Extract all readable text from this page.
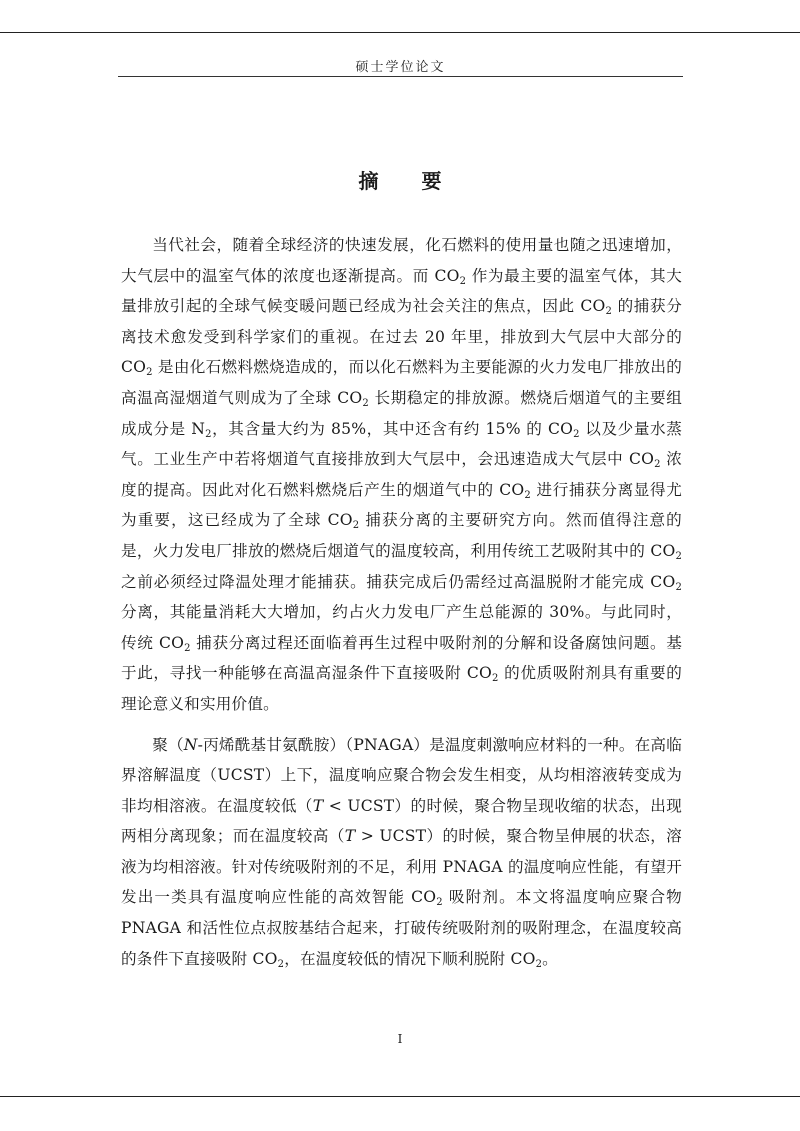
硕士学位论文
摘 要

当代社会，随着全球经济的快速发展，化石燃料的使用量也随之迅速增加，大气层中的温室气体的浓度也逐渐提高。而 $CO_2$ 作为最主要的温室气体，其大量排放引起的全球气候变暖问题已经成为社会关注的焦点，因此 $CO_2$ 的捕获分离技术愈发受到科学家们的重视。在过去 20 年里，排放到大气层中大部分的 $CO_2$ 是由化石燃料燃烧造成的，而以化石燃料为主要能源的火力发电厂排放出的高温高湿烟道气则成为了全球 $CO_2$ 长期稳定的排放源。燃烧后烟道气的主要组成成分是 $N_2$，其含量大约为 85%，其中还含有约 15% 的 $CO_2$ 以及少量水蒸气。工业生产中若将烟道气直接排放到大气层中，会迅速造成大气层中 $CO_2$ 浓度的提高。因此对化石燃料燃烧后产生的烟道气中的 $CO_2$ 进行捕获分离显得尤为重要，这已经成为了全球 $CO_2$ 捕获分离的主要研究方向。然而值得注意的是，火力发电厂排放的燃烧后烟道气的温度较高，利用传统工艺吸附其中的 $CO_2$ 之前必须经过降温处理才能捕获。捕获完成后仍需经过高温脱附才能完成 $CO_2$ 分离，其能量消耗大大增加，约占火力发电厂产生总能源的 30%。与此同时，传统 $CO_2$ 捕获分离过程还面临着再生过程中吸附剂的分解和设备腐蚀问题。基于此，寻找一种能够在高温高湿条件下直接吸附 $CO_2$ 的优质吸附剂具有重要的理论意义和实用价值。

聚（N-丙烯酰基甘氨酰胺）（PNAGA）是温度刺激响应材料的一种。在高临界溶解温度（UCST）上下，温度响应聚合物会发生相变，从均相溶液转变成为非均相溶液。在温度较低（T < UCST）的时候，聚合物呈现收缩的状态，出现两相分离现象；而在温度较高（T > UCST）的时候，聚合物呈伸展的状态，溶液为均相溶液。针对传统吸附剂的不足，利用 PNAGA 的温度响应性能，有望开发出一类具有温度响应性能的高效智能 $CO_2$ 吸附剂。本文将温度响应聚合物 PNAGA 和活性位点叔胺基结合起来，打破传统吸附剂的吸附理念，在温度较高的条件下直接吸附 $CO_2$，在温度较低的情况下顺利脱附 $CO_2$。

I
